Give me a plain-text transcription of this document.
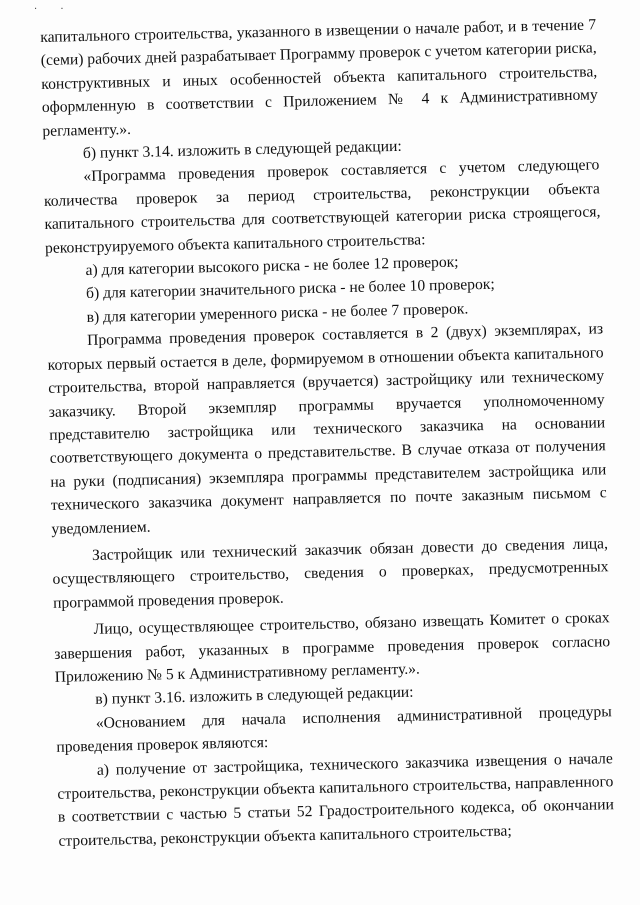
· ·

капитального строительства, указанного в извещении о начале работ, и в течение 7 (семи) рабочих дней разрабатывает Программу проверок с учетом категории риска, конструктивных и иных особенностей объекта капитального строительства, оформленную в соответствии с Приложением № 4 к Административному регламенту.».

б) пункт 3.14. изложить в следующей редакции:

«Программа проведения проверок составляется с учетом следующего количества проверок за период строительства, реконструкции объекта капитального строительства для соответствующей категории риска строящегося, реконструируемого объекта капитального строительства:

а) для категории высокого риска - не более 12 проверок;

б) для категории значительного риска - не более 10 проверок;

в) для категории умеренного риска - не более 7 проверок.

Программа проведения проверок составляется в 2 (двух) экземплярах, из которых первый остается в деле, формируемом в отношении объекта капитального строительства, второй направляется (вручается) застройщику или техническому заказчику. Второй экземпляр программы вручается уполномоченному представителю застройщика или технического заказчика на основании соответствующего документа о представительстве. В случае отказа от получения на руки (подписания) экземпляра программы представителем застройщика или технического заказчика документ направляется по почте заказным письмом с уведомлением.

Застройщик или технический заказчик обязан довести до сведения лица, осуществляющего строительство, сведения о проверках, предусмотренных программой проведения проверок.

Лицо, осуществляющее строительство, обязано извещать Комитет о сроках завершения работ, указанных в программе проведения проверок согласно Приложению № 5 к Административному регламенту.».

в) пункт 3.16. изложить в следующей редакции:

«Основанием для начала исполнения административной процедуры проведения проверок являются:

а) получение от застройщика, технического заказчика извещения о начале строительства, реконструкции объекта капитального строительства, направленного в соответствии с частью 5 статьи 52 Градостроительного кодекса, об окончании строительства, реконструкции объекта капитального строительства;
